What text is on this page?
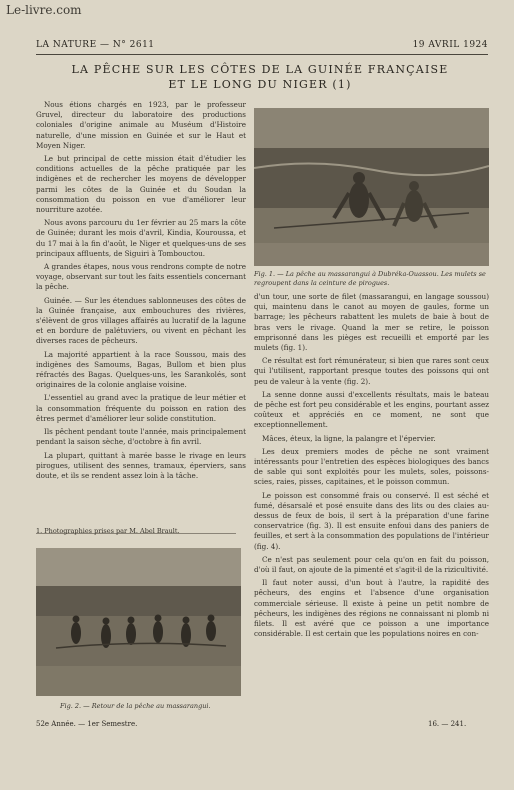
Le-livre.com
LA NATURE — N° 2611	19 AVRIL 1924
LA PÊCHE SUR LES CÔTES DE LA GUINÉE FRANÇAISE
ET LE LONG DU NIGER (1)

Nous étions chargés en 1923, par le professeur Gruvel, directeur du laboratoire des productions coloniales d'origine animale au Muséum d'Histoire naturelle, d'une mission en Guinée et sur le Haut et Moyen Niger.

Le but principal de cette mission était d'étudier les conditions actuelles de la pêche pratiquée par les indigènes et de rechercher les moyens de développer parmi les côtes de la Guinée et du Soudan la consommation du poisson en vue d'améliorer leur nourriture azotée.

Nous avons parcouru du 1er février au 25 mars la côte de Guinée; durant les mois d'avril, Kindia, Kouroussa, et du 17 mai à la fin d'août, le Niger et quelques-uns de ses principaux affluents, de Siguiri à Tombouctou.

A grandes étapes, nous vous rendrons compte de notre voyage, observant sur tout les faits essentiels concernant la pêche.

Guinée. — Sur les étendues sablonneuses des côtes de la Guinée française, aux embouchures des rivières, s'élèvent de gros villages affairés au lucratif de la lagune et en bordure de palétuviers, ou vivent en pêchant les diverses races de pêcheurs.

La majorité appartient à la race Soussou, mais des indigènes des Samoums, Bagas, Bullom et bien plus réfractés des Bagas. Quelques-uns, les Sarankolés, sont originaires de la colonie anglaise voisine.

L'essentiel au grand avec la pratique de leur métier et la consommation fréquente du poisson en ration des êtres permet d'améliorer leur solide constitution.

Ils pêchent pendant toute l'année, mais principalement pendant la saison sèche, d'octobre à fin avril.

La plupart, quittant à marée basse le rivage en leurs pirogues, utilisent des sennes, tramaux, éperviers, sans doute, et ils se rendent assez loin à la tâche.

1. Photographies prises par M. Abel Brault.
Fig. 1. — La pêche au massarangui à Dubréka-Ouassou. Les mulets se regroupent dans la ceinture de pirogues.

d'un tour, une sorte de filet (massarangui, en langage soussou) qui, maintenu dans le canot au moyen de gaules, forme un barrage; les pêcheurs rabattent les mulets de baie à bout de bras vers le rivage. Quand la mer se retire, le poisson emprisonné dans les pièges est recueilli et emporté par les mulets (fig. 1).

Ce résultat est fort rémunérateur, si bien que rares sont ceux qui l'utilisent, rapportant presque toutes des poissons qui ont peu de valeur à la vente (fig. 2).

La senne donne aussi d'excellents résultats, mais le bateau de pêche est fort peu considérable et les engins, pourtant assez coûteux et appréciés en ce moment, ne sont que exceptionnellement.

Mâces, éteux, la ligne, la palangre et l'épervier.

Les deux premiers modes de pêche ne sont vraiment intéressants pour l'entretien des espèces biologiques des bancs de sable qui sont exploités pour les mulets, soles, poissons-scies, raies, pisses, capitaines, et le poisson commun.

Le poisson est consommé frais ou conservé. Il est séché et fumé, désarsalé et posé ensuite dans des lits ou des claies au-dessus de feux de bois, il sert à la préparation d'une farine conservatrice (fig. 3). Il est ensuite enfoui dans des paniers de feuilles, et sert à la consommation des populations de l'intérieur (fig. 4).

Ce n'est pas seulement pour cela qu'on en fait du poisson, d'où il faut, on ajoute de la pimenté et s'agit-il de la rizicultivité.

Il faut noter aussi, d'un bout à l'autre, la rapidité des pêcheurs, des engins et l'absence d'une organisation commerciale sérieuse. Il existe à peine un petit nombre de pêcheurs, les indigènes des régions ne connaissant ni plomb ni filets. Il est avéré que ce poisson a une importance considérable. Il est certain que les populations noires en con-

Fig. 2. — Retour de la pêche au massarangui.
52e Année. — 1er Semestre.	16. — 241.
